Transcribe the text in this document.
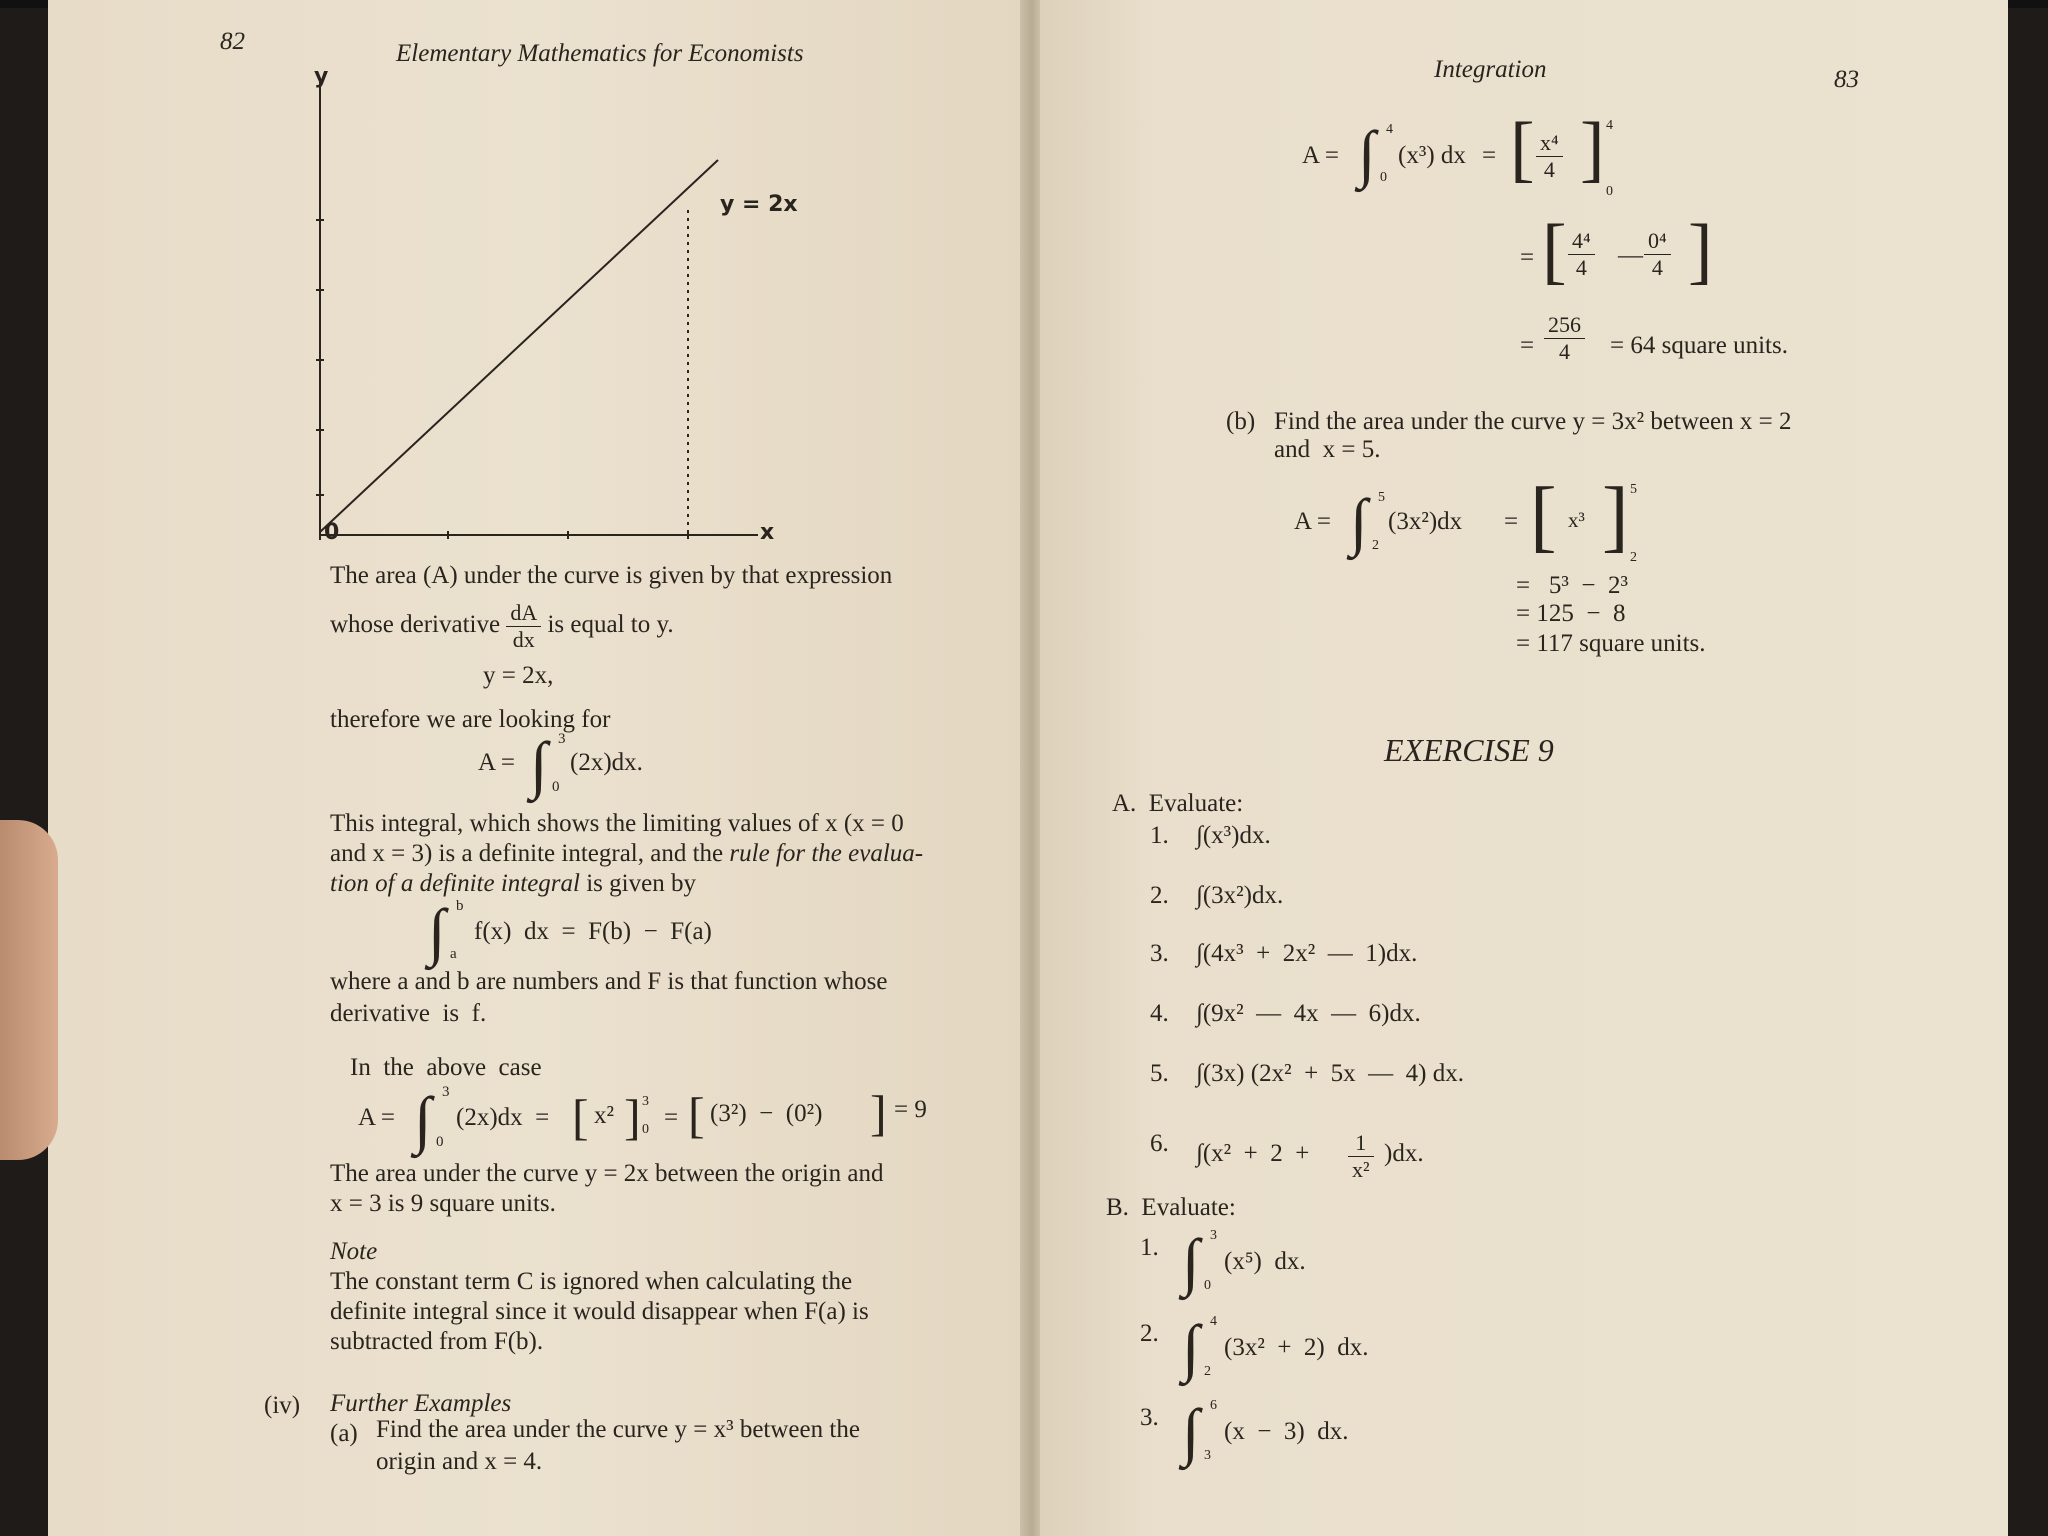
82	Elementary Mathematics for Economists
y
x
0
y = 2x
The area (A) under the curve is given by that expression
whose derivative $\frac{dA}{dx}$ is equal to y.
y = 2x,
therefore we are looking for
A = ∫ 3
0
(2x)dx.
This integral, which shows the limiting values of x (x = 0
and x = 3) is a definite integral, and the rule for the evalua-
tion of a definite integral is given by
∫ b
a
f(x)  dx  =  F(b)  −  F(a)
where a and b are numbers and F is that function whose
derivative  is  f.
In  the  above  case
A = ∫ 3
0
(2x)dx  = [ x² ] 3
0 = [ (3²)  −  (0²) ] = 9
The area under the curve y = 2x between the origin and
x = 3 is 9 square units.
Note
The constant term C is ignored when calculating the
definite integral since it would disappear when F(a) is
subtracted from F(b).
(iv) Further Examples
(a) Find the area under the curve y = x³ between the
origin and x = 4.
Integration	83
A = ∫ 4
0
(x³) dx = [ $\frac{\text{x⁴}}{4}$ ] 4
0
= [ $\frac{\text{4⁴}}{4}$ — $\frac{\text{0⁴}}{4}$ ]
= $\frac{256}{4} = 64$ square units.
(b) Find the area under the curve y = 3x² between x = 2
and  x = 5.
A = ∫ 5
2
(3x²)dx = [ x³ ] 5
2
=   5³  −  2³
= 125  −  8
= 117 square units.
EXERCISE 9
A.  Evaluate:
1. ∫(x³)dx.
2. ∫(3x²)dx.
3. ∫(4x³  +  2x²  —  1)dx.
4. ∫(9x²  —  4x  —  6)dx.
5. ∫(3x) (2x²  +  5x  —  4) dx.
6. $\int(x^2 + 2 + \frac{1}{\text{x²}} )dx$.
B.  Evaluate:
1. ∫ 3
0
(x⁵)  dx.
2. ∫ 4
2
(3x²  +  2)  dx.
3. ∫ 6
3
(x  −  3)  dx.
